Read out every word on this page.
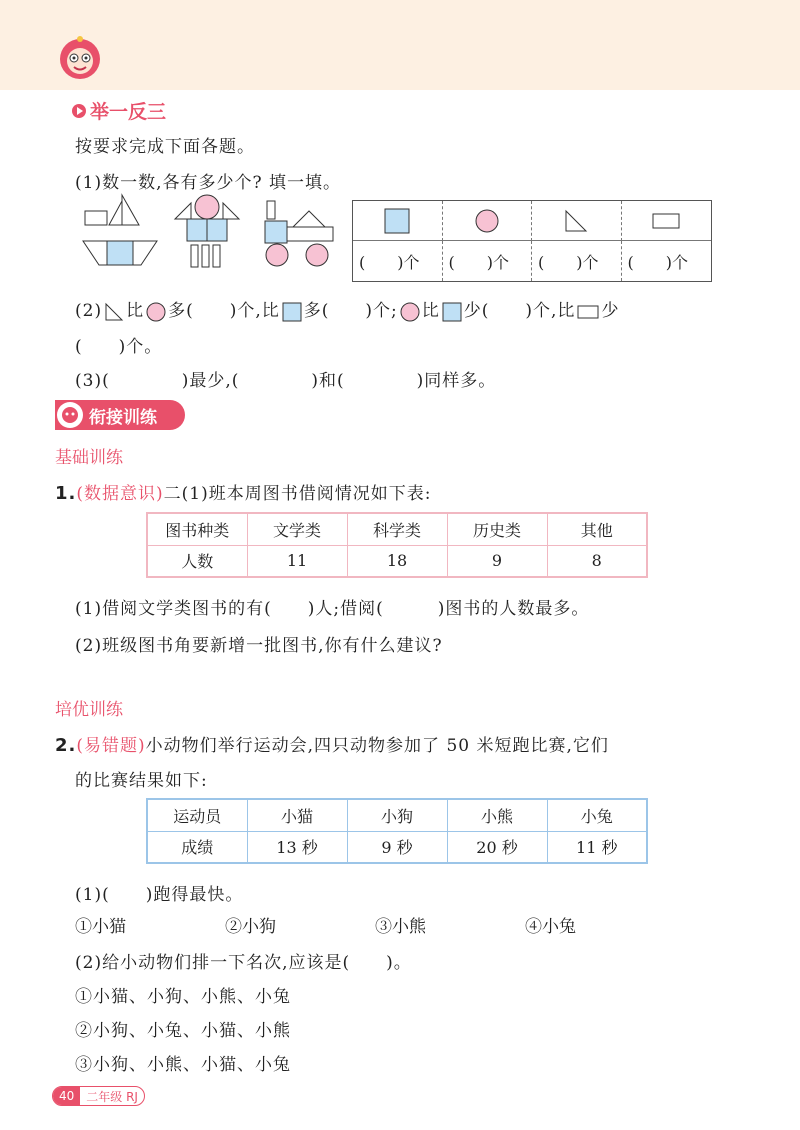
举一反三
按要求完成下面各题。
(1)数一数,各有多少个? 填一填。
(　　)个	(　　)个	(　　)个	(　　)个
(2) 比 多(　　)个,比 多(　　)个; 比 少(　　)个,比 少
(　　)个。
(3)(　　　　)最少,(　　　　)和(　　　　)同样多。
衔接训练
基础训练
1.(数据意识)二(1)班本周图书借阅情况如下表:
图书种类	文学类	科学类	历史类	其他
人数	11	18	9	8
(1)借阅文学类图书的有(　　)人;借阅(　　　)图书的人数最多。
(2)班级图书角要新增一批图书,你有什么建议?
培优训练
2.(易错题)小动物们举行运动会,四只动物参加了 50 米短跑比赛,它们
的比赛结果如下:
运动员	小猫	小狗	小熊	小兔
成绩	13 秒	9 秒	20 秒	11 秒
(1)(　　)跑得最快。
①小猫	②小狗	③小熊	④小兔
(2)给小动物们排一下名次,应该是(　　)。
①小猫、小狗、小熊、小兔
②小狗、小兔、小猫、小熊
③小狗、小熊、小猫、小兔
40	二年级 RJ
